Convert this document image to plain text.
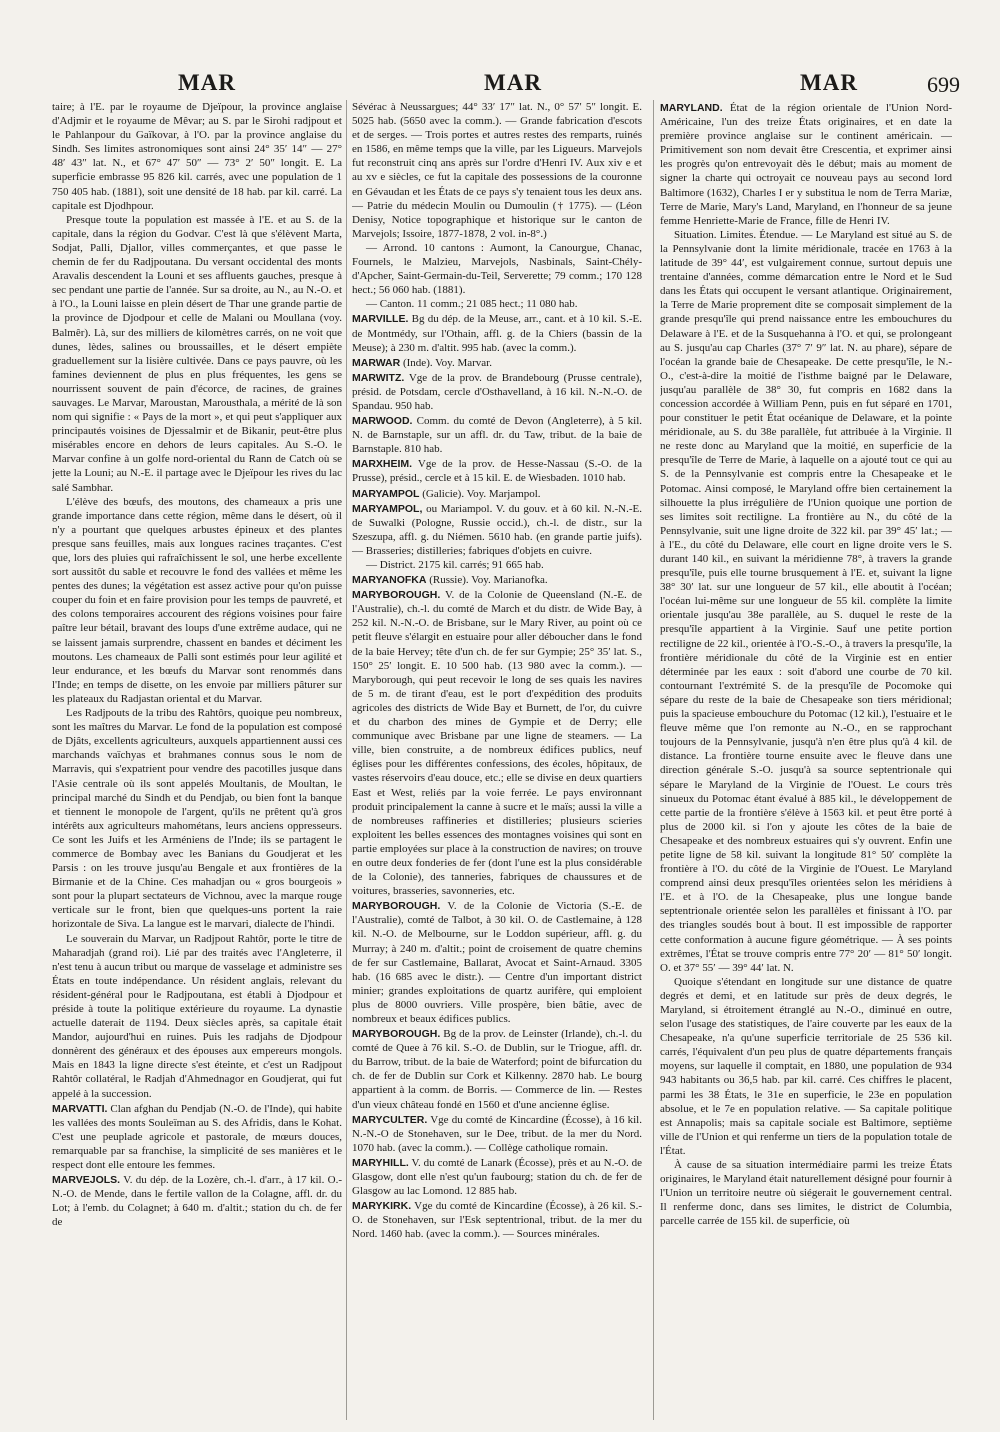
MAR	MAR	MAR	699

taire; à l'E. par le royaume de Djeïpour, la province anglaise d'Adjmir et le royaume de Mêvar; au S. par le Sirohi radjpout et le Pahlanpour du Gaïkovar, à l'O. par la province anglaise du Sindh. Ses limites astronomiques sont ainsi 24° 35′ 14″ — 27° 48′ 43″ lat. N., et 67° 47′ 50″ — 73° 2′ 50″ longit. E. La superficie embrasse 95 826 kil. carrés, avec une population de 1 750 405 hab. (1881), soit une densité de 18 hab. par kil. carré. La capitale est Djodhpour.

Presque toute la population est massée à l'E. et au S. de la capitale, dans la région du Godvar. C'est là que s'élèvent Marta, Sodjat, Palli, Djallor, villes commerçantes, et que passe le chemin de fer du Radjpoutana. Du versant occidental des monts Aravalis descendent la Louni et ses affluents gauches, presque à sec pendant une partie de l'année. Sur sa droite, au N., au N.-O. et à l'O., la Louni laisse en plein désert de Thar une grande partie de la province de Djodpour et celle de Malani ou Moullana (voy. Balmêr). Là, sur des milliers de kilomètres carrés, on ne voit que dunes, lèdes, salines ou broussailles, et le désert empiète graduellement sur la lisière cultivée. Dans ce pays pauvre, où les famines deviennent de plus en plus fréquentes, les gens se nourrissent souvent de pain d'écorce, de racines, de graines sauvages. Le Marvar, Maroustan, Marousthala, a mérité de là son nom qui signifie : « Pays de la mort », et qui peut s'appliquer aux principautés voisines de Djessalmir et de Bikanir, peut-être plus misérables encore en dehors de leurs capitales. Au S.-O. le Marvar confine à un golfe nord-oriental du Rann de Catch où se jette la Louni; au N.-E. il partage avec le Djeïpour les rives du lac salé Sambhar.

L'élève des bœufs, des moutons, des chameaux a pris une grande importance dans cette région, même dans le désert, où il n'y a pourtant que quelques arbustes épineux et des plantes presque sans feuilles, mais aux longues racines traçantes. C'est que, lors des pluies qui rafraîchissent le sol, une herbe excellente sort aussitôt du sable et recouvre le fond des vallées et même les pentes des dunes; la végétation est assez active pour qu'on puisse couper du foin et en faire provision pour les temps de pauvreté, et des colons temporaires accourent des régions voisines pour faire paître leur bétail, bravant des loups d'une extrême audace, qui ne se laissent jamais surprendre, chassent en bandes et déciment les moutons. Les chameaux de Palli sont estimés pour leur agilité et leur endurance, et les bœufs du Marvar sont renommés dans l'Inde; en temps de disette, on les envoie par milliers pâturer sur les plateaux du Radjastan oriental et du Marvar.

Les Radjpouts de la tribu des Rahtôrs, quoique peu nombreux, sont les maîtres du Marvar. Le fond de la population est composé de Djâts, excellents agriculteurs, auxquels appartiennent aussi ces marchands vaïchyas et brahmanes connus sous le nom de Marravis, qui s'expatrient pour vendre des pacotilles jusque dans l'Asie centrale où ils sont appelés Moultanis, de Moultan, le principal marché du Sindh et du Pendjab, ou bien font la banque et tiennent le monopole de l'argent, qu'ils ne prêtent qu'à gros intérêts aux agriculteurs mahométans, leurs anciens oppresseurs. Ce sont les Juifs et les Arméniens de l'Inde; ils se partagent le commerce de Bombay avec les Banians du Goudjerat et les Parsis : on les trouve jusqu'au Bengale et aux frontières de la Birmanie et de la Chine. Ces mahadjan ou « gros bourgeois » sont pour la plupart sectateurs de Vichnou, avec la marque rouge verticale sur le front, bien que quelques-uns portent la raie horizontale de Siva. La langue est le marvari, dialecte de l'hindi.

Le souverain du Marvar, un Radjpout Rahtôr, porte le titre de Maharadjah (grand roi). Lié par des traités avec l'Angleterre, il n'est tenu à aucun tribut ou marque de vasselage et administre ses États en toute indépendance. Un résident anglais, relevant du résident-général pour le Radjpoutana, est établi à Djodpour et préside à toute la politique extérieure du royaume. La dynastie actuelle daterait de 1194. Deux siècles après, sa capitale était Mandor, aujourd'hui en ruines. Puis les radjahs de Djodpour donnèrent des généraux et des épouses aux empereurs mongols. Mais en 1843 la ligne directe s'est éteinte, et c'est un Radjpout Rahtôr collatéral, le Radjah d'Ahmednagor en Goudjerat, qui fut appelé à la succession.

MARVATTI. Clan afghan du Pendjab (N.-O. de l'Inde), qui habite les vallées des monts Souleïman au S. des Afridis, dans le Kohat. C'est une peuplade agricole et pastorale, de mœurs douces, remarquable par sa franchise, la simplicité de ses manières et le respect dont elle entoure les femmes.

MARVEJOLS. V. du dép. de la Lozère, ch.-l. d'arr., à 17 kil. O.-N.-O. de Mende, dans le fertile vallon de la Colagne, affl. dr. du Lot; à l'emb. du Colagnet; à 640 m. d'altit.; station du ch. de fer de

Sévérac à Neussargues; 44° 33′ 17″ lat. N., 0° 57′ 5″ longit. E. 5025 hab. (5650 avec la comm.). — Grande fabrication d'escots et de serges. — Trois portes et autres restes des remparts, ruinés en 1586, en même temps que la ville, par les Ligueurs. Marvejols fut reconstruit cinq ans après sur l'ordre d'Henri IV. Aux xiv e et au xv e siècles, ce fut la capitale des possessions de la couronne en Gévaudan et les États de ce pays s'y tenaient tous les deux ans. — Patrie du médecin Moulin ou Dumoulin († 1775). — (Léon Denisy, Notice topographique et historique sur le canton de Marvejols; Issoire, 1877-1878, 2 vol. in-8°.)

— Arrond. 10 cantons : Aumont, la Canourgue, Chanac, Fournels, le Malzieu, Marvejols, Nasbinals, Saint-Chély-d'Apcher, Saint-Germain-du-Teil, Serverette; 79 comm.; 170 128 hect.; 56 060 hab. (1881).

— Canton. 11 comm.; 21 085 hect.; 11 080 hab.

MARVILLE. Bg du dép. de la Meuse, arr., cant. et à 10 kil. S.-E. de Montmédy, sur l'Othain, affl. g. de la Chiers (bassin de la Meuse); à 230 m. d'altit. 995 hab. (avec la comm.).

MARWAR (Inde). Voy. Marvar.

MARWITZ. Vge de la prov. de Brandebourg (Prusse centrale), présid. de Potsdam, cercle d'Osthavelland, à 16 kil. N.-N.-O. de Spandau. 950 hab.

MARWOOD. Comm. du comté de Devon (Angleterre), à 5 kil. N. de Barnstaple, sur un affl. dr. du Taw, tribut. de la baie de Barnstaple. 810 hab.

MARXHEIM. Vge de la prov. de Hesse-Nassau (S.-O. de la Prusse), présid., cercle et à 15 kil. E. de Wiesbaden. 1010 hab.

MARYAMPOL (Galicie). Voy. Marjampol.

MARYAMPOL, ou Mariampol. V. du gouv. et à 60 kil. N.-N.-E. de Suwalki (Pologne, Russie occid.), ch.-l. de distr., sur la Szeszupa, affl. g. du Niémen. 5610 hab. (en grande partie juifs). — Brasseries; distilleries; fabriques d'objets en cuivre.

— District. 2175 kil. carrés; 91 665 hab.

MARYANOFKA (Russie). Voy. Marianofka.

MARYBOROUGH. V. de la Colonie de Queensland (N.-E. de l'Australie), ch.-l. du comté de March et du distr. de Wide Bay, à 252 kil. N.-N.-O. de Brisbane, sur le Mary River, au point où ce petit fleuve s'élargit en estuaire pour aller déboucher dans le fond de la baie Hervey; tête d'un ch. de fer sur Gympie; 25° 35′ lat. S., 150° 25′ longit. E. 10 500 hab. (13 980 avec la comm.). — Maryborough, qui peut recevoir le long de ses quais les navires de 5 m. de tirant d'eau, est le port d'expédition des produits agricoles des districts de Wide Bay et Burnett, de l'or, du cuivre et du charbon des mines de Gympie et de Derry; elle communique avec Brisbane par une ligne de steamers. — La ville, bien construite, a de nombreux édifices publics, neuf églises pour les différentes confessions, des écoles, hôpitaux, de vastes réservoirs d'eau douce, etc.; elle se divise en deux quartiers East et West, reliés par la voie ferrée. Le pays environnant produit principalement la canne à sucre et le maïs; aussi la ville a de nombreuses raffineries et distilleries; plusieurs scieries exploitent les belles essences des montagnes voisines qui sont en partie employées sur place à la construction de navires; on trouve en outre deux fonderies de fer (dont l'une est la plus considérable de la Colonie), des tanneries, fabriques de chaussures et de voitures, brasseries, savonneries, etc.

MARYBOROUGH. V. de la Colonie de Victoria (S.-E. de l'Australie), comté de Talbot, à 30 kil. O. de Castlemaine, à 128 kil. N.-O. de Melbourne, sur le Loddon supérieur, affl. g. du Murray; à 240 m. d'altit.; point de croisement de quatre chemins de fer sur Castlemaine, Ballarat, Avocat et Saint-Arnaud. 3305 hab. (16 685 avec le distr.). — Centre d'un important district minier; grandes exploitations de quartz aurifère, qui emploient plus de 8000 ouvriers. Ville prospère, bien bâtie, avec de nombreux et beaux édifices publics.

MARYBOROUGH. Bg de la prov. de Leinster (Irlande), ch.-l. du comté de Quee à 76 kil. S.-O. de Dublin, sur le Triogue, affl. dr. du Barrow, tribut. de la baie de Waterford; point de bifurcation du ch. de fer de Dublin sur Cork et Kilkenny. 2870 hab. Le bourg appartient à la comm. de Borris. — Commerce de lin. — Restes d'un vieux château fondé en 1560 et d'une ancienne église.

MARYCULTER. Vge du comté de Kincardine (Écosse), à 16 kil. N.-N.-O de Stonehaven, sur le Dee, tribut. de la mer du Nord. 1070 hab. (avec la comm.). — Collège catholique romain.

MARYHILL. V. du comté de Lanark (Écosse), près et au N.-O. de Glasgow, dont elle n'est qu'un faubourg; station du ch. de fer de Glasgow au lac Lomond. 12 885 hab.

MARYKIRK. Vge du comté de Kincardine (Écosse), à 26 kil. S.-O. de Stonehaven, sur l'Esk septentrional, tribut. de la mer du Nord. 1460 hab. (avec la comm.). — Sources minérales.

MARYLAND. État de la région orientale de l'Union Nord-Américaine, l'un des treize États originaires, et en date la première province anglaise sur le continent américain. — Primitivement son nom devait être Crescentia, et exprimer ainsi les progrès qu'on entrevoyait dès le début; mais au moment de signer la charte qui octroyait ce nouveau pays au second lord Baltimore (1632), Charles I er y substitua le nom de Terra Mariæ, Terre de Marie, Mary's Land, Maryland, en l'honneur de sa jeune femme Henriette-Marie de France, fille de Henri IV.

Situation. Limites. Étendue. — Le Maryland est situé au S. de la Pennsylvanie dont la limite méridionale, tracée en 1763 à la latitude de 39° 44′, est vulgairement connue, surtout depuis une trentaine d'années, comme démarcation entre le Nord et le Sud dans les États qui occupent le versant atlantique. Originairement, la Terre de Marie proprement dite se composait simplement de la grande presqu'île qui prend naissance entre les embouchures du Delaware à l'E. et de la Susquehanna à l'O. et qui, se prolongeant au S. jusqu'au cap Charles (37° 7′ 9″ lat. N. au phare), sépare de l'océan la grande baie de Chesapeake. De cette presqu'île, le N.-O., c'est-à-dire la moitié de l'isthme baigné par le Delaware, jusqu'au parallèle de 38° 30, fut compris en 1682 dans la concession accordée à William Penn, puis en fut séparé en 1701, pour constituer le petit État océanique de Delaware, et la pointe méridionale, au S. du 38e parallèle, fut attribuée à la Virginie. Il ne reste donc au Maryland que la moitié, en superficie de la presqu'île de Terre de Marie, à laquelle on a ajouté tout ce qui au S. de la Pennsylvanie est compris entre la Chesapeake et le Potomac. Ainsi composé, le Maryland offre bien certainement la silhouette la plus irrégulière de l'Union quoique une portion de ses limites soit rectiligne. La frontière au N., du côté de la Pennsylvanie, suit une ligne droite de 322 kil. par 39° 45′ lat.; — à l'E., du côté du Delaware, elle court en ligne droite vers le S. durant 140 kil., en suivant la méridienne 78°, à travers la grande presqu'île, puis elle tourne brusquement à l'E. et, suivant la ligne 38° 30′ lat. sur une longueur de 57 kil., elle aboutit à l'océan; l'océan lui-même sur une longueur de 55 kil. complète la limite orientale jusqu'au 38e parallèle, au S. duquel le reste de la presqu'île appartient à la Virginie. Sauf une petite portion rectiligne de 22 kil., orientée à l'O.-S.-O., à travers la presqu'île, la frontière méridionale du côté de la Virginie est en entier déterminée par les eaux : soit d'abord une courbe de 70 kil. contournant l'extrémité S. de la presqu'île de Pocomoke qui sépare du reste de la baie de Chesapeake son tiers méridional; puis la spacieuse embouchure du Potomac (12 kil.), l'estuaire et le fleuve même que l'on remonte au N.-O., en se rapprochant toujours de la Pennsylvanie, jusqu'à n'en être plus qu'à 4 kil. de distance. La frontière tourne ensuite avec le fleuve dans une direction générale S.-O. jusqu'à sa source septentrionale qui sépare le Maryland de la Virginie de l'Ouest. Le cours très sinueux du Potomac étant évalué à 885 kil., le développement de cette partie de la frontière s'élève à 1563 kil. et peut être porté à plus de 2000 kil. si l'on y ajoute les côtes de la baie de Chesapeake et des nombreux estuaires qui s'y ouvrent. Enfin une petite ligne de 58 kil. suivant la longitude 81° 50′ complète la frontière à l'O. du côté de la Virginie de l'Ouest. Le Maryland comprend ainsi deux presqu'îles orientées selon les méridiens à l'E. et à l'O. de la Chesapeake, plus une longue bande septentrionale orientée selon les parallèles et finissant à l'O. par des triangles soudés bout à bout. Il est impossible de rapporter cette conformation à aucune figure géométrique. — À ses points extrêmes, l'État se trouve compris entre 77° 20′ — 81° 50′ longit. O. et 37° 55′ — 39° 44′ lat. N.

Quoique s'étendant en longitude sur une distance de quatre degrés et demi, et en latitude sur près de deux degrés, le Maryland, si étroitement étranglé au N.-O., diminué en outre, selon l'usage des statistiques, de l'aire couverte par les eaux de la Chesapeake, n'a qu'une superficie territoriale de 25 536 kil. carrés, l'équivalent d'un peu plus de quatre départements français moyens, sur laquelle il comptait, en 1880, une population de 934 943 habitants ou 36,5 hab. par kil. carré. Ces chiffres le placent, parmi les 38 États, le 31e en superficie, le 23e en population absolue, et le 7e en population relative. — Sa capitale politique est Annapolis; mais sa capitale sociale est Baltimore, septième ville de l'Union et qui renferme un tiers de la population totale de l'État.

À cause de sa situation intermédiaire parmi les treize États originaires, le Maryland était naturellement désigné pour fournir à l'Union un territoire neutre où siégerait le gouvernement central. Il renferme donc, dans ses limites, le district de Columbia, parcelle carrée de 155 kil. de superficie, où
